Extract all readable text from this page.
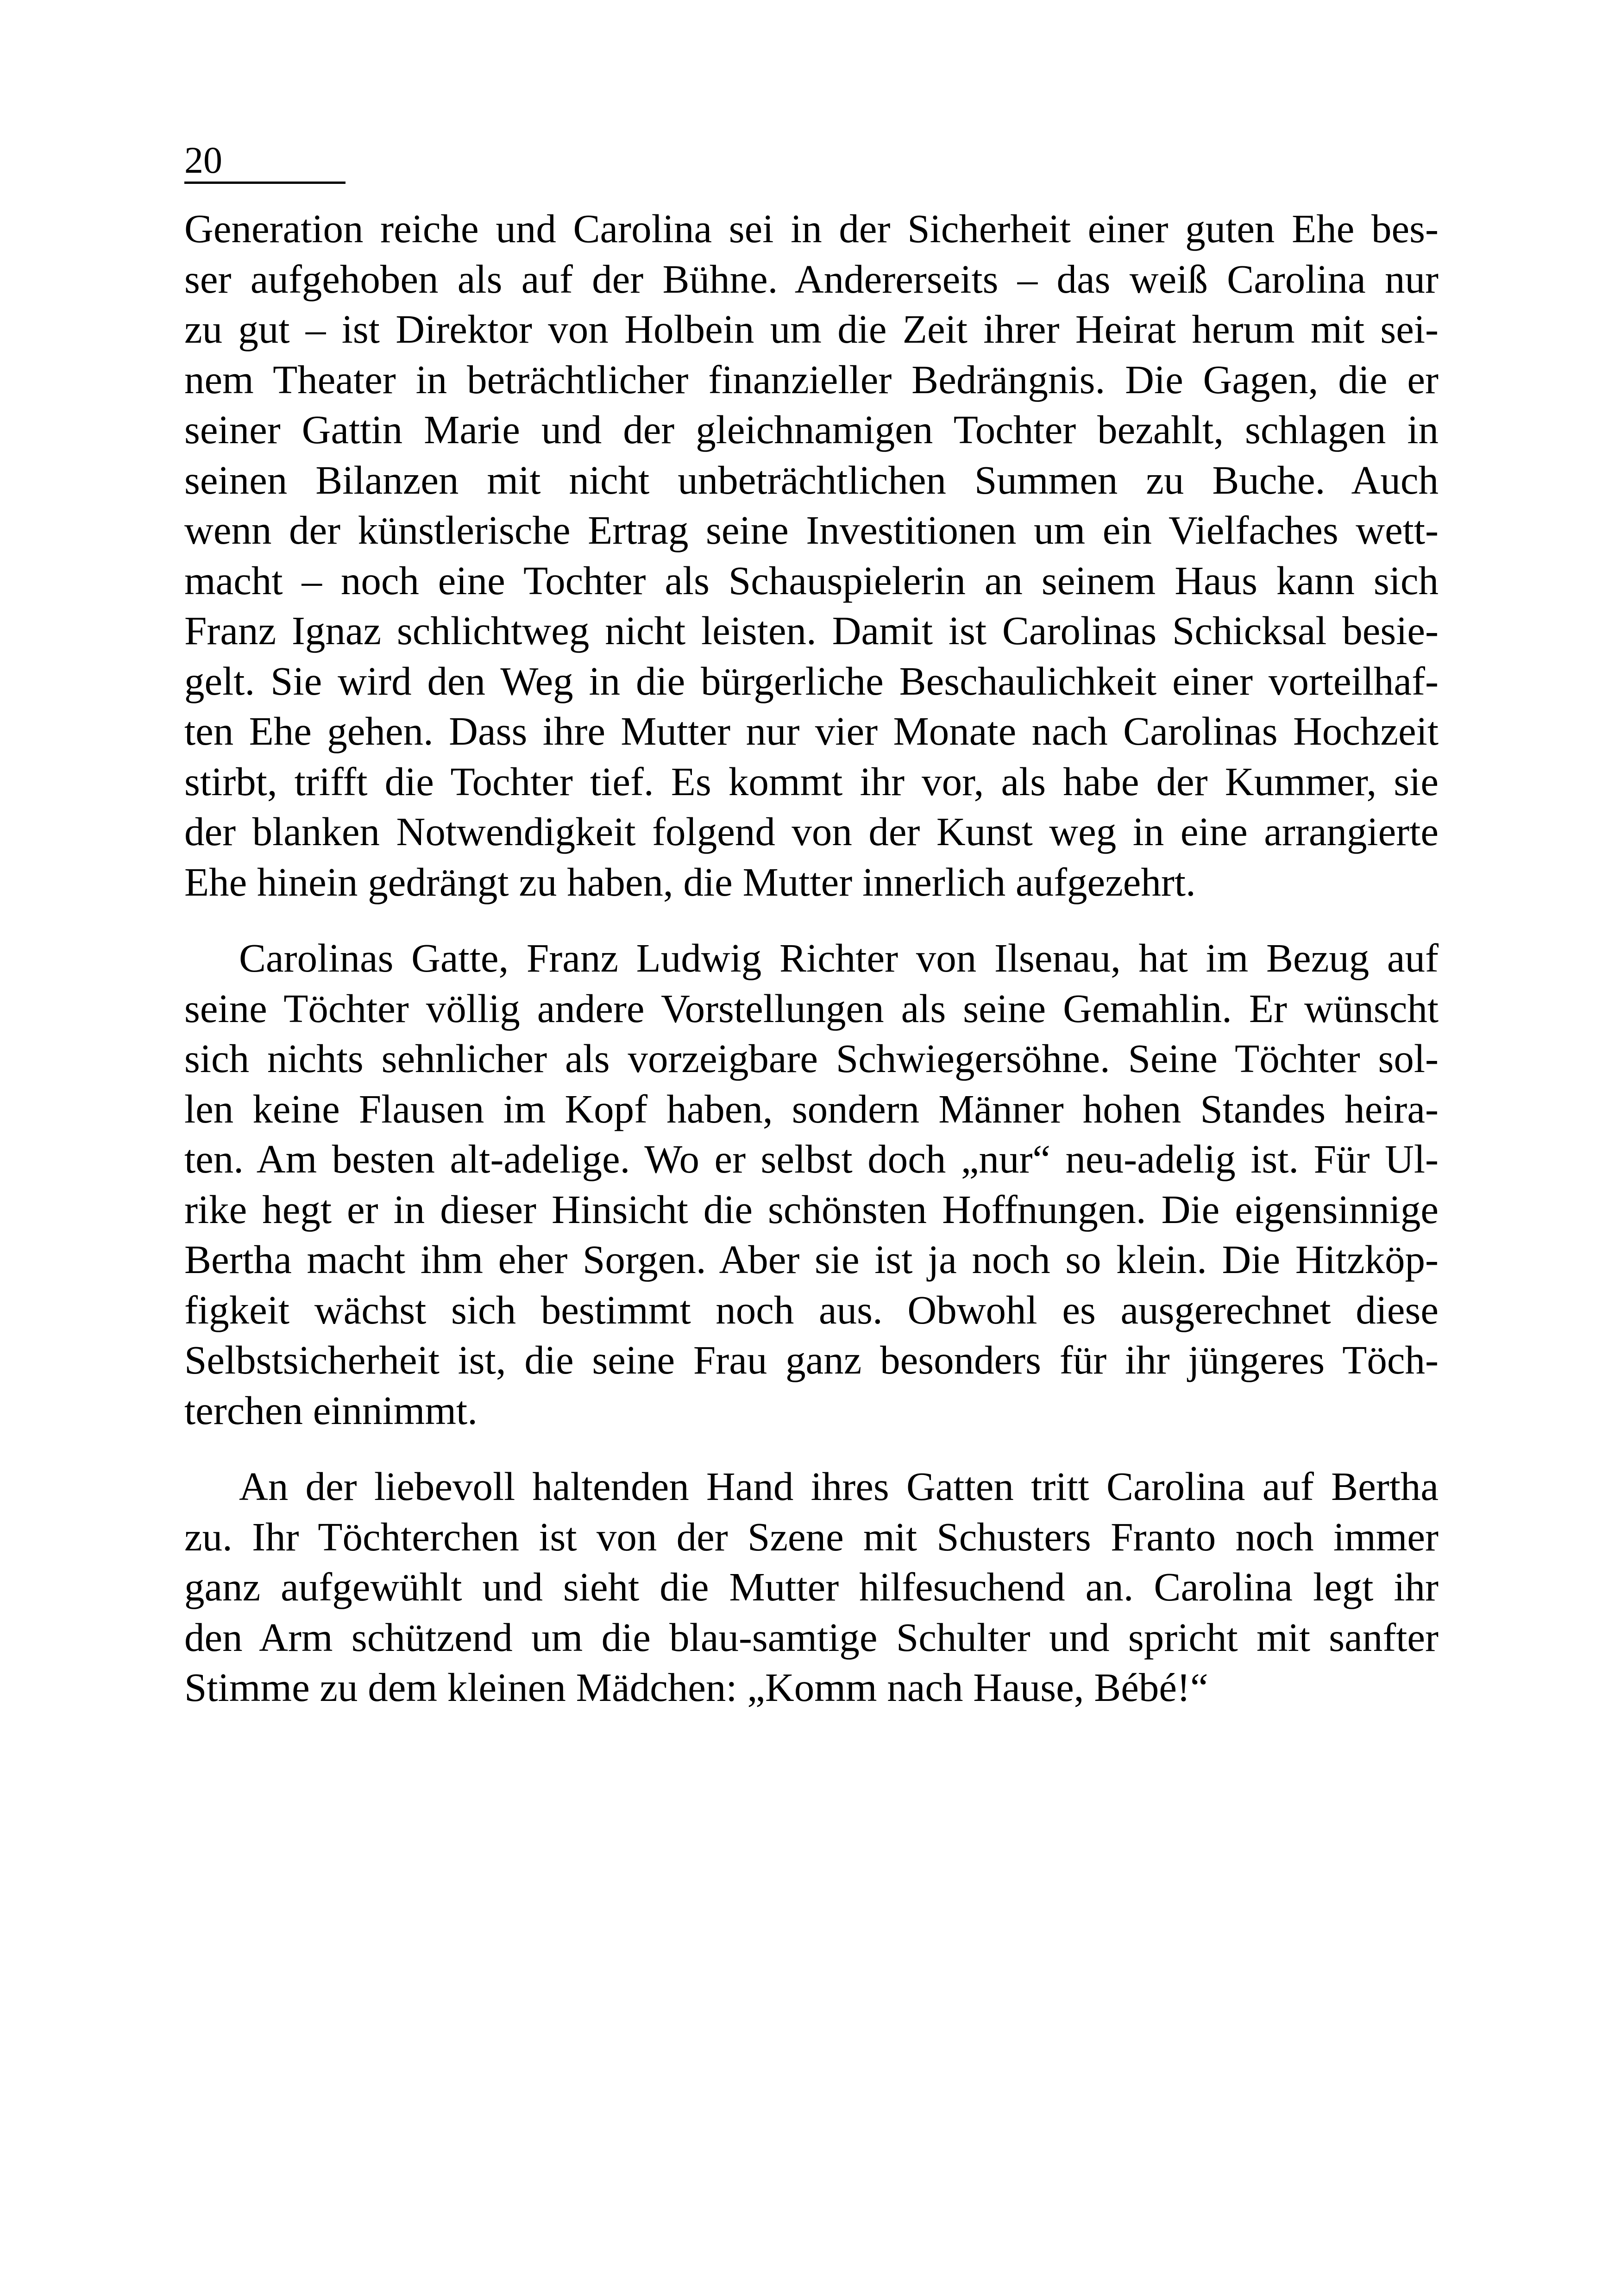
20
Generation reiche und Carolina sei in der Sicherheit einer guten Ehe bes-
ser aufgehoben als auf der Bühne. Andererseits – das weiß Carolina nur
zu gut – ist Direktor von Holbein um die Zeit ihrer Heirat herum mit sei-
nem Theater in beträchtlicher finanzieller Bedrängnis. Die Gagen, die er
seiner Gattin Marie und der gleichnamigen Tochter bezahlt, schlagen in
seinen Bilanzen mit nicht unbeträchtlichen Summen zu Buche. Auch
wenn der künstlerische Ertrag seine Investitionen um ein Vielfaches wett-
macht – noch eine Tochter als Schauspielerin an seinem Haus kann sich
Franz Ignaz schlichtweg nicht leisten. Damit ist Carolinas Schicksal besie-
gelt. Sie wird den Weg in die bürgerliche Beschaulichkeit einer vorteilhaf-
ten Ehe gehen. Dass ihre Mutter nur vier Monate nach Carolinas Hochzeit
stirbt, trifft die Tochter tief. Es kommt ihr vor, als habe der Kummer, sie
der blanken Notwendigkeit folgend von der Kunst weg in eine arrangierte
Ehe hinein gedrängt zu haben, die Mutter innerlich aufgezehrt.
Carolinas Gatte, Franz Ludwig Richter von Ilsenau, hat im Bezug auf
seine Töchter völlig andere Vorstellungen als seine Gemahlin. Er wünscht
sich nichts sehnlicher als vorzeigbare Schwiegersöhne. Seine Töchter sol-
len keine Flausen im Kopf haben, sondern Männer hohen Standes heira-
ten. Am besten alt-adelige. Wo er selbst doch „nur“ neu-adelig ist. Für Ul-
rike hegt er in dieser Hinsicht die schönsten Hoffnungen. Die eigensinnige
Bertha macht ihm eher Sorgen. Aber sie ist ja noch so klein. Die Hitzköp-
figkeit wächst sich bestimmt noch aus. Obwohl es ausgerechnet diese
Selbstsicherheit ist, die seine Frau ganz besonders für ihr jüngeres Töch-
terchen einnimmt.
An der liebevoll haltenden Hand ihres Gatten tritt Carolina auf Bertha
zu. Ihr Töchterchen ist von der Szene mit Schusters Franto noch immer
ganz aufgewühlt und sieht die Mutter hilfesuchend an. Carolina legt ihr
den Arm schützend um die blau-samtige Schulter und spricht mit sanfter
Stimme zu dem kleinen Mädchen: „Komm nach Hause, Bébé!“
